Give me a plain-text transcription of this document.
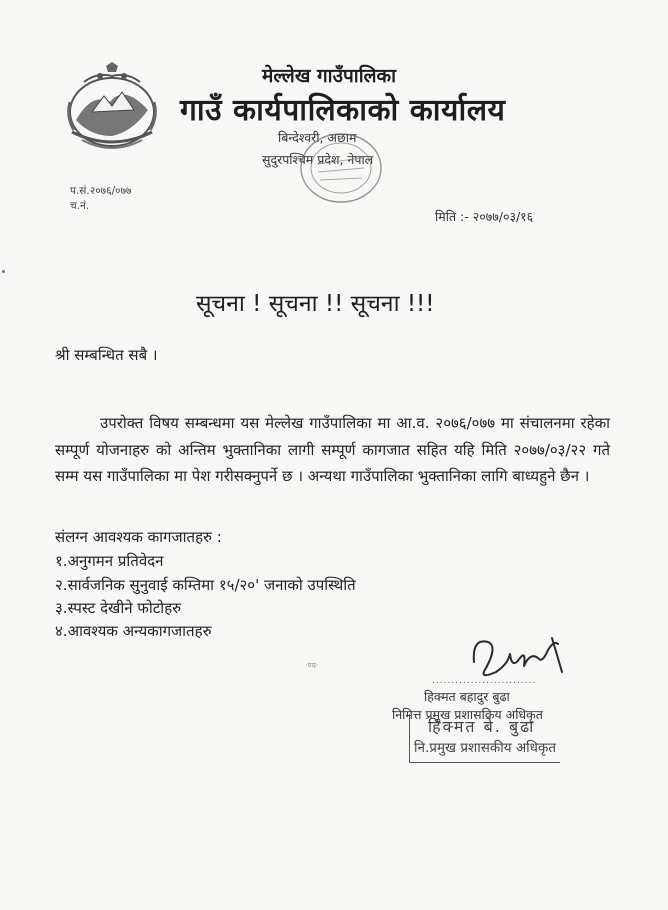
मेल्लेख गाउँपालिका
गाउँ कार्यपालिकाको कार्यालय
बिन्देश्वरी, अछाम
सुदुरपश्चिम प्रदेश, नेपाल
प.सं.२०७६/०७७
च.नं.
मिति :- २०७७/०३/१६
सूचना ! सूचना !! सूचना !!!
श्री सम्बन्धित सबै ।
उपरोक्त विषय सम्बन्धमा यस मेल्लेख गाउँपालिका मा आ.व. २०७६/०७७ मा संचालनमा रहेका सम्पूर्ण योजनाहरु को अन्तिम भुक्तानिका लागी सम्पूर्ण कागजात सहित यहि मिति २०७७/०३/२२ गते सम्म यस गाउँपालिका मा पेश गरीसक्नुपर्ने छ । अन्यथा गाउँपालिका भुक्तानिका लागि बाध्यहुने छैन ।
संलग्न आवश्यक कागजातहरु :
१.अनुगमन प्रतिवेदन
२.सार्वजनिक सुनुवाई कम्तिमा १५/२०' जनाको उपस्थिति
३.स्पस्ट देखीने फोटोहरु
४.आवश्यक अन्यकागजातहरु
·ण्य·
...........................
हिक्मत बहादुर बुढा
निमित्त प्रमुख प्रशासकिय अधिकृत
हिक्मत बे. बुढा
नि.प्रमुख प्रशासकीय अधिकृत
